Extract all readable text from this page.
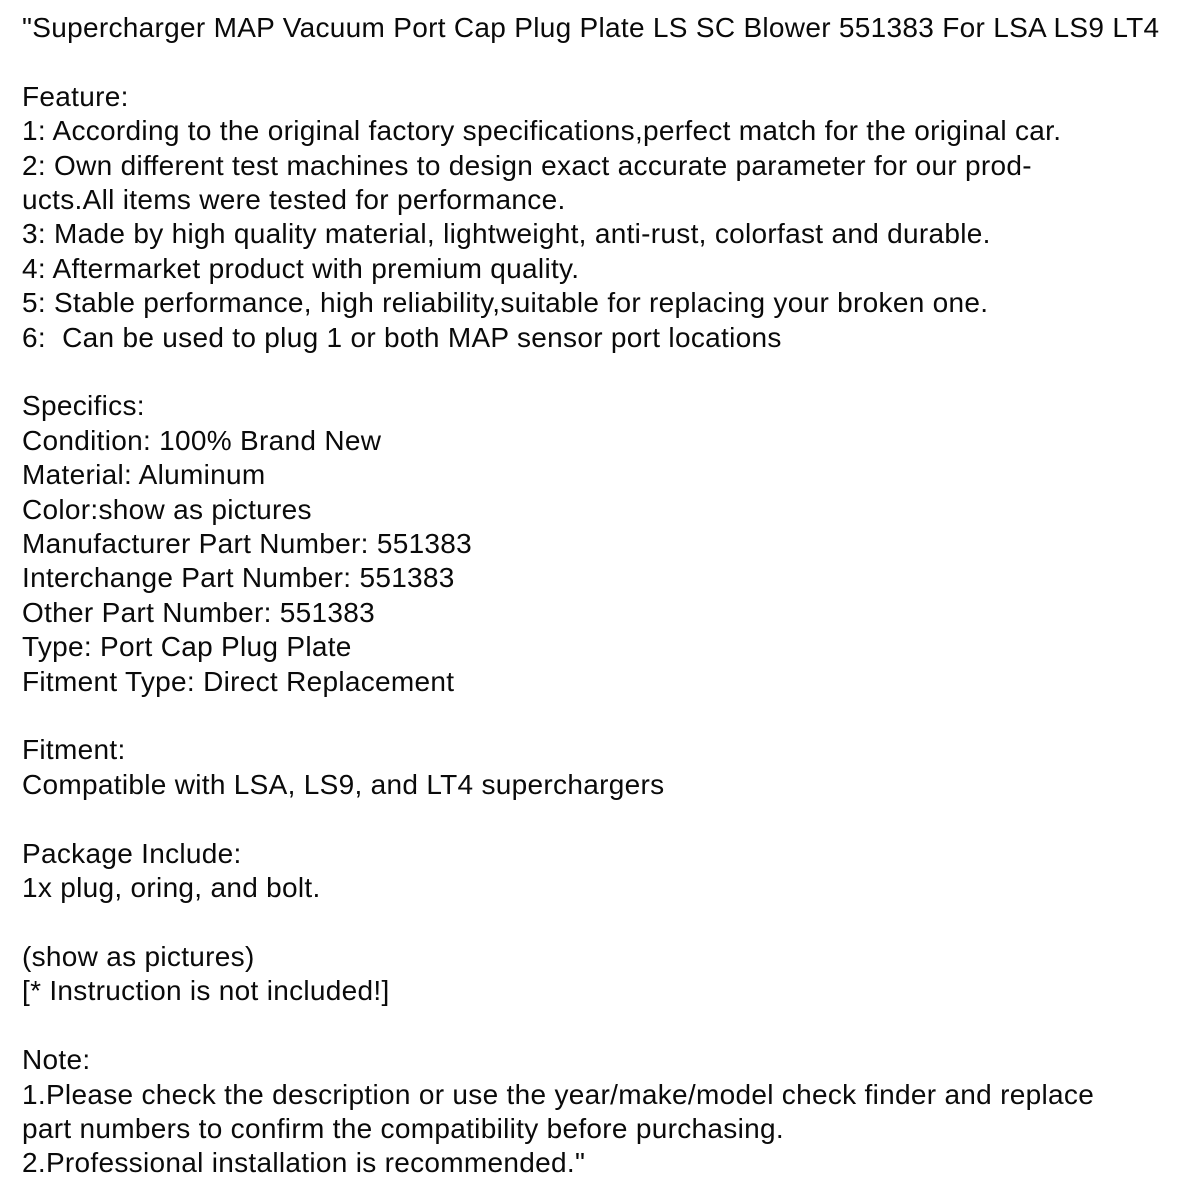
"Supercharger MAP Vacuum Port Cap Plug Plate LS SC Blower 551383 For LSA LS9 LT4
Feature:
1: According to the original factory specifications,perfect match for the original car.
2: Own different test machines to design exact accurate parameter for our prod-
ucts.All items were tested for performance.
3: Made by high quality material, lightweight, anti-rust, colorfast and durable.
4: Aftermarket product with premium quality.
5: Stable performance, high reliability,suitable for replacing your broken one.
6:  Can be used to plug 1 or both MAP sensor port locations
Specifics:
Condition: 100% Brand New
Material: Aluminum
Color:show as pictures
Manufacturer Part Number: 551383
Interchange Part Number: 551383
Other Part Number: 551383
Type: Port Cap Plug Plate
Fitment Type: Direct Replacement
Fitment:
Compatible with LSA, LS9, and LT4 superchargers
Package Include:
1x plug, oring, and bolt.
(show as pictures)
[* Instruction is not included!]
Note:
1.Please check the description or use the year/make/model check finder and replace
part numbers to confirm the compatibility before purchasing.
2.Professional installation is recommended."
